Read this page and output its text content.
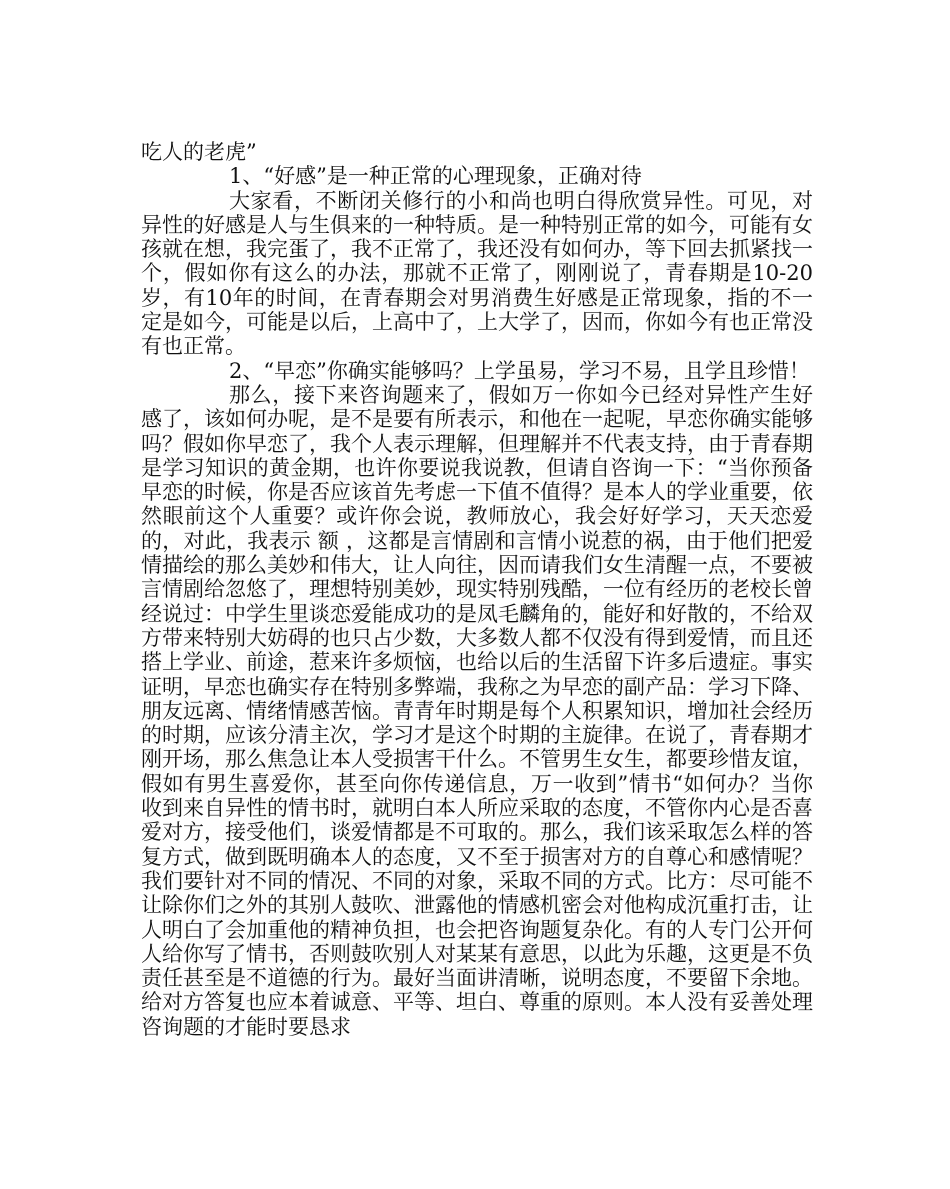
吃人的老虎”

1、“好感”是一种正常的心理现象，正确对待

大家看，不断闭关修行的小和尚也明白得欣赏异性。可见，对异性的好感是人与生俱来的一种特质。是一种特别正常的如今，可能有女孩就在想，我完蛋了，我不正常了，我还没有如何办，等下回去抓紧找一个，假如你有这么的办法，那就不正常了，刚刚说了，青春期是10-20岁，有10年的时间，在青春期会对男消费生好感是正常现象，指的不一定是如今，可能是以后，上高中了，上大学了，因而，你如今有也正常没有也正常。

2、“早恋”你确实能够吗？上学虽易，学习不易，且学且珍惜！

那么，接下来咨询题来了，假如万一你如今已经对异性产生好感了，该如何办呢，是不是要有所表示，和他在一起呢，早恋你确实能够吗？假如你早恋了，我个人表示理解，但理解并不代表支持，由于青春期是学习知识的黄金期，也许你要说我说教，但请自咨询一下：“当你预备早恋的时候，你是否应该首先考虑一下值不值得？是本人的学业重要，依然眼前这个人重要？或许你会说，教师放心，我会好好学习，天天恋爱的，对此，我表示 额 ，这都是言情剧和言情小说惹的祸，由于他们把爱情描绘的那么美妙和伟大，让人向往，因而请我们女生清醒一点，不要被言情剧给忽悠了，理想特别美妙，现实特别残酷，一位有经历的老校长曾经说过：中学生里谈恋爱能成功的是凤毛麟角的，能好和好散的，不给双方带来特别大妨碍的也只占少数，大多数人都不仅没有得到爱情，而且还搭上学业、前途，惹来许多烦恼，也给以后的生活留下许多后遗症。事实证明，早恋也确实存在特别多弊端，我称之为早恋的副产品：学习下降、朋友远离、情绪情感苦恼。青青年时期是每个人积累知识，增加社会经历的时期，应该分清主次，学习才是这个时期的主旋律。在说了，青春期才刚开场，那么焦急让本人受损害干什么。不管男生女生，都要珍惜友谊，假如有男生喜爱你，甚至向你传递信息，万一收到”情书“如何办？当你收到来自异性的情书时，就明白本人所应采取的态度，不管你内心是否喜爱对方，接受他们，谈爱情都是不可取的。那么，我们该采取怎么样的答复方式，做到既明确本人的态度，又不至于损害对方的自尊心和感情呢？我们要针对不同的情况、不同的对象，采取不同的方式。比方：尽可能不让除你们之外的其别人鼓吹、泄露他的情感机密会对他构成沉重打击，让人明白了会加重他的精神负担，也会把咨询题复杂化。有的人专门公开何人给你写了情书，否则鼓吹别人对某某有意思，以此为乐趣，这更是不负责任甚至是不道德的行为。最好当面讲清晰，说明态度，不要留下余地。给对方答复也应本着诚意、平等、坦白、尊重的原则。本人没有妥善处理咨询题的才能时要恳求
